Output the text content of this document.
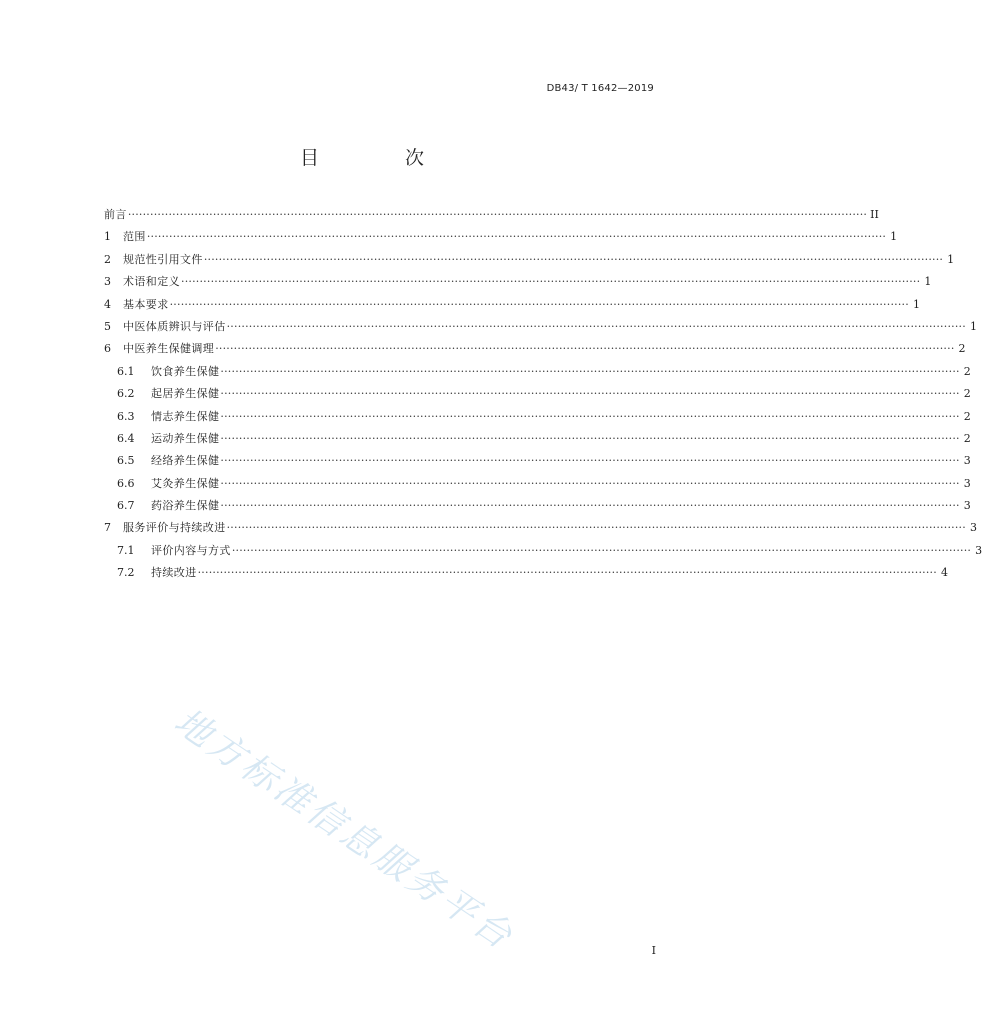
DB43/ T 1642—2019
目 次
前言 ········································································································································································································ II
1	范围 ········································································································································································································ 1
2	规范性引用文件 ········································································································································································································ 1
3	术语和定义 ········································································································································································································ 1
4	基本要求 ········································································································································································································ 1
5	中医体质辨识与评估 ········································································································································································································ 1
6	中医养生保健调理 ········································································································································································································ 2
6.1	饮食养生保健 ········································································································································································································ 2
6.2	起居养生保健 ········································································································································································································ 2
6.3	情志养生保健 ········································································································································································································ 2
6.4	运动养生保健 ········································································································································································································ 2
6.5	经络养生保健 ········································································································································································································ 3
6.6	艾灸养生保健 ········································································································································································································ 3
6.7	药浴养生保健 ········································································································································································································ 3
7	服务评价与持续改进 ········································································································································································································ 3
7.1	评价内容与方式 ········································································································································································································ 3
7.2	持续改进 ········································································································································································································ 4
地方标准信息服务平台	I
